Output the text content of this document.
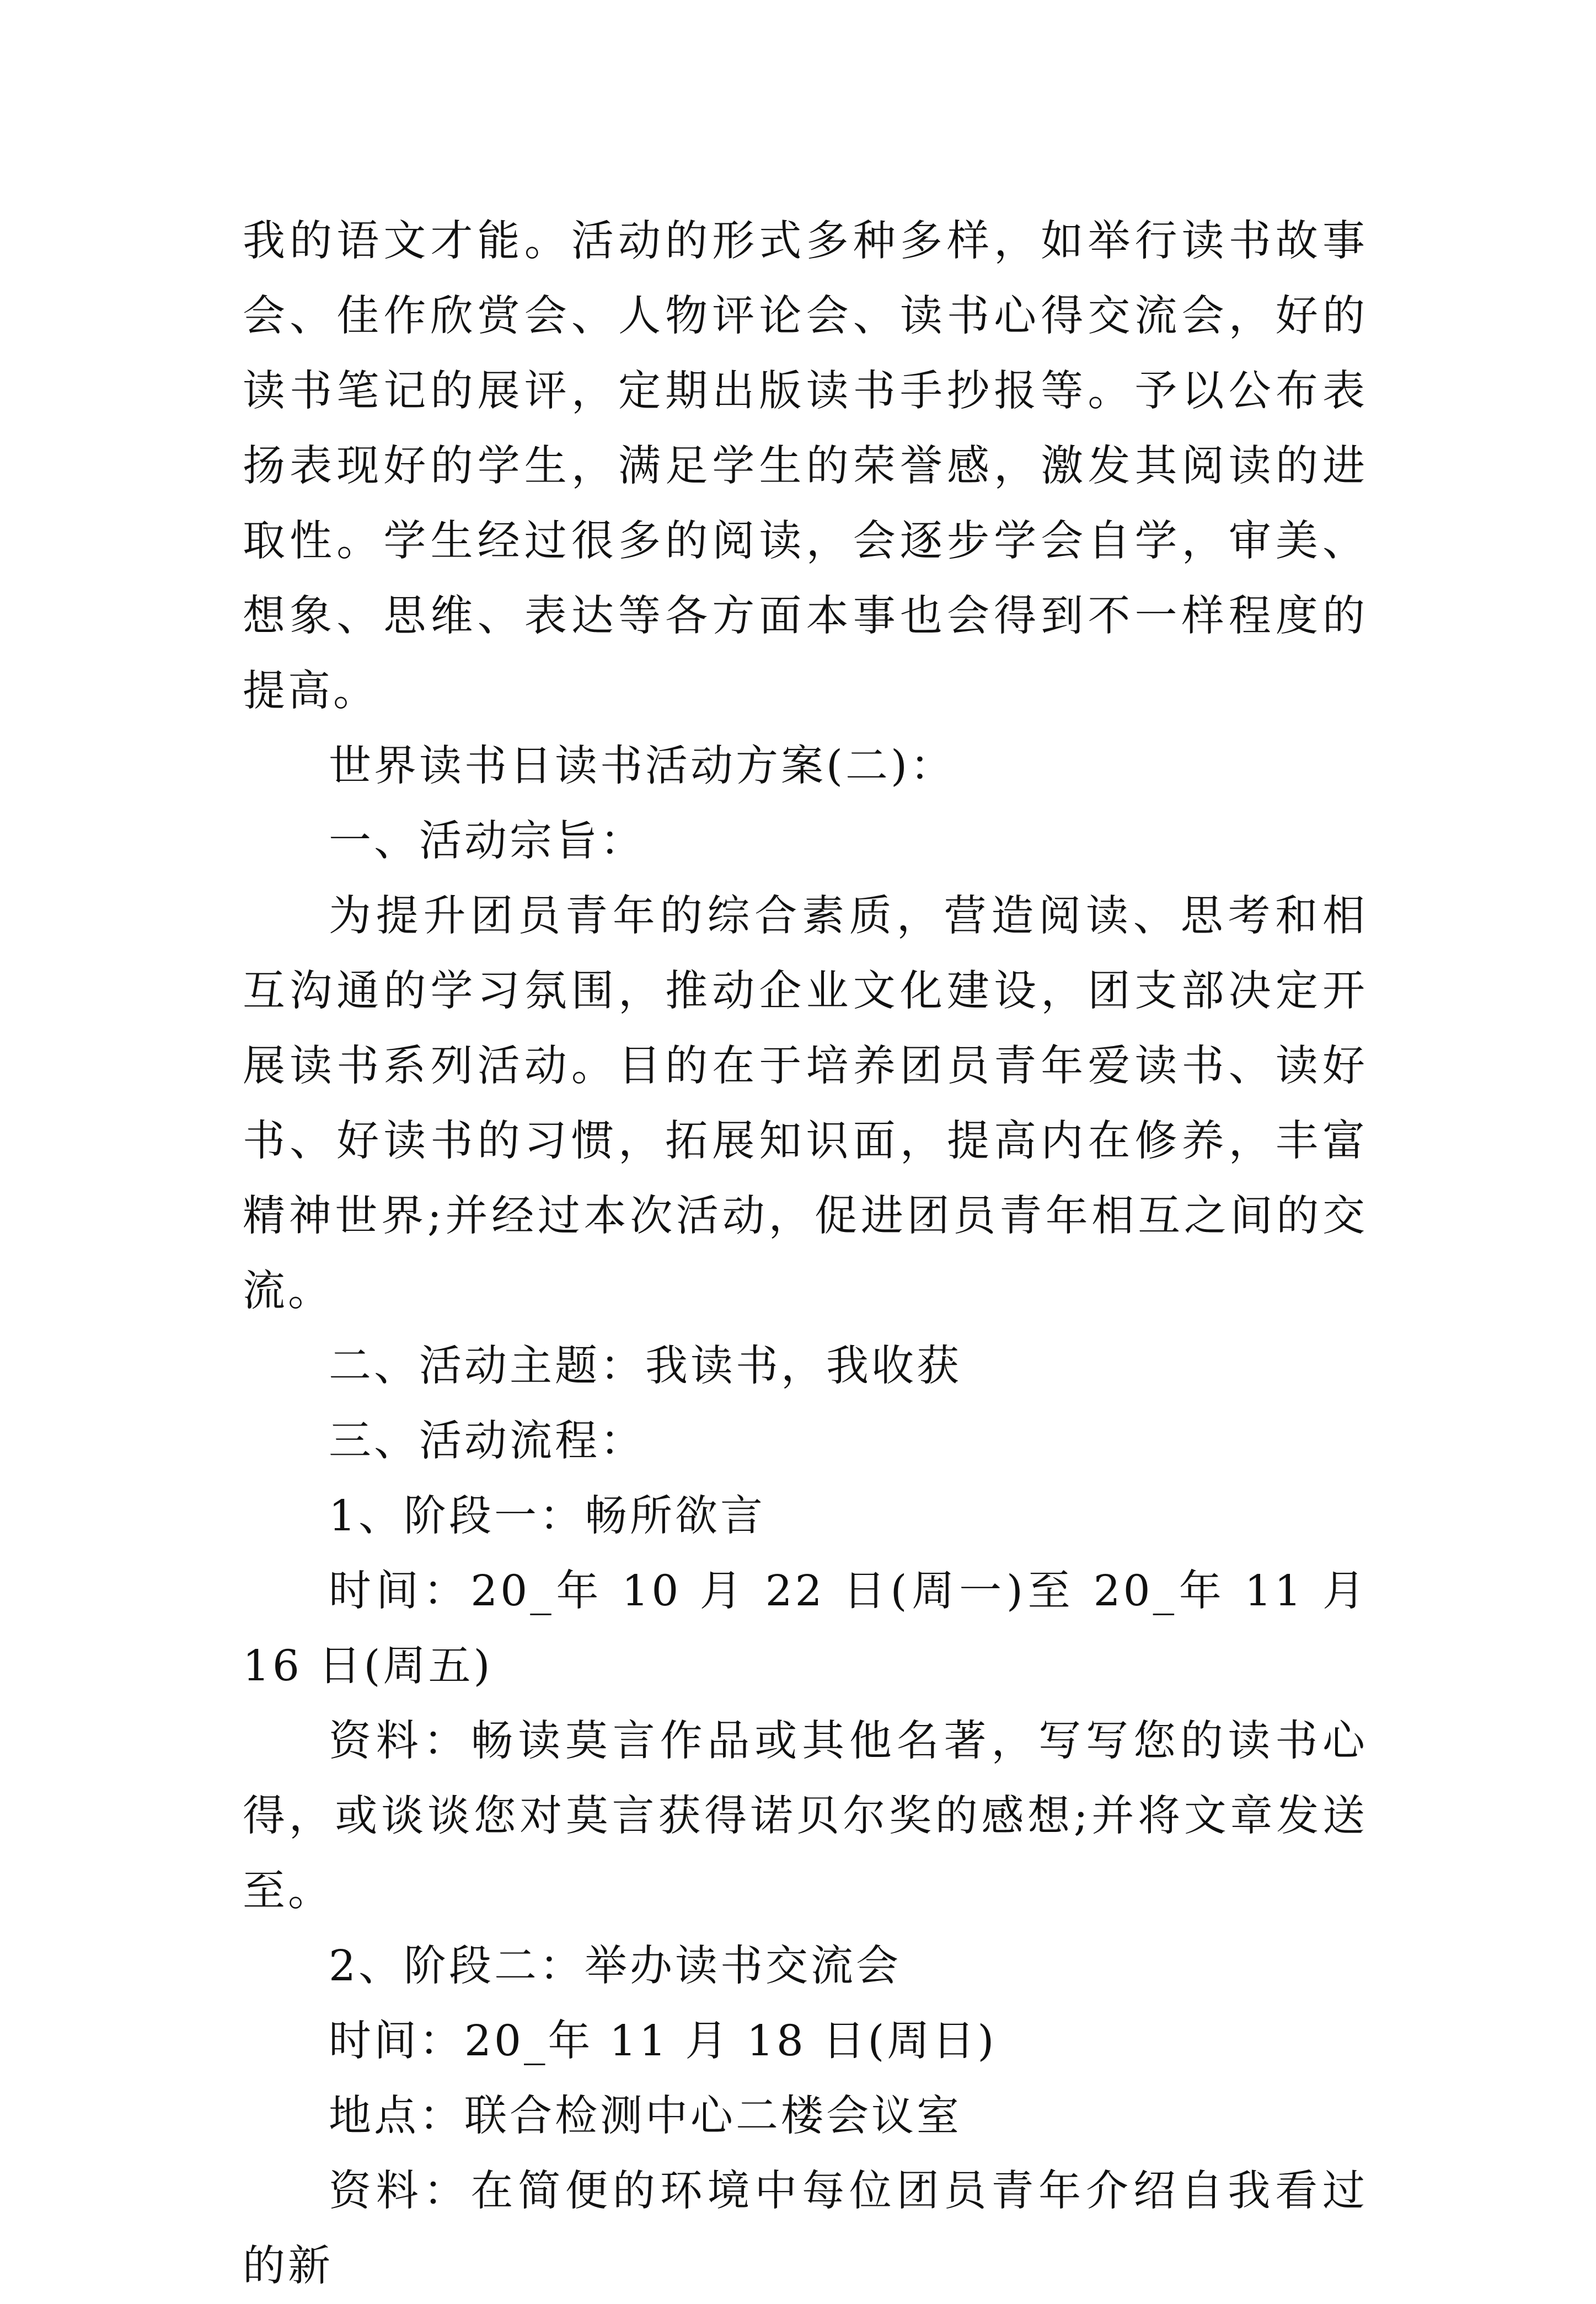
我的语文才能。活动的形式多种多样，如举行读书故事会、佳作欣赏会、人物评论会、读书心得交流会，好的读书笔记的展评，定期出版读书手抄报等。予以公布表扬表现好的学生，满足学生的荣誉感，激发其阅读的进取性。学生经过很多的阅读，会逐步学会自学，审美、想象、思维、表达等各方面本事也会得到不一样程度的提高。

世界读书日读书活动方案(二)：

一、活动宗旨：

为提升团员青年的综合素质，营造阅读、思考和相互沟通的学习氛围，推动企业文化建设，团支部决定开展读书系列活动。目的在于培养团员青年爱读书、读好书、好读书的习惯，拓展知识面，提高内在修养，丰富精神世界;并经过本次活动，促进团员青年相互之间的交流。

二、活动主题：我读书，我收获

三、活动流程：

1、阶段一：畅所欲言

时间：20_年 10 月 22 日(周一)至 20_年 11 月 16 日(周五)

资料：畅读莫言作品或其他名著，写写您的读书心得，或谈谈您对莫言获得诺贝尔奖的感想;并将文章发送至。

2、阶段二：举办读书交流会

时间：20_年 11 月 18 日(周日)

地点：联合检测中心二楼会议室

资料：在简便的环境中每位团员青年介绍自我看过的新
